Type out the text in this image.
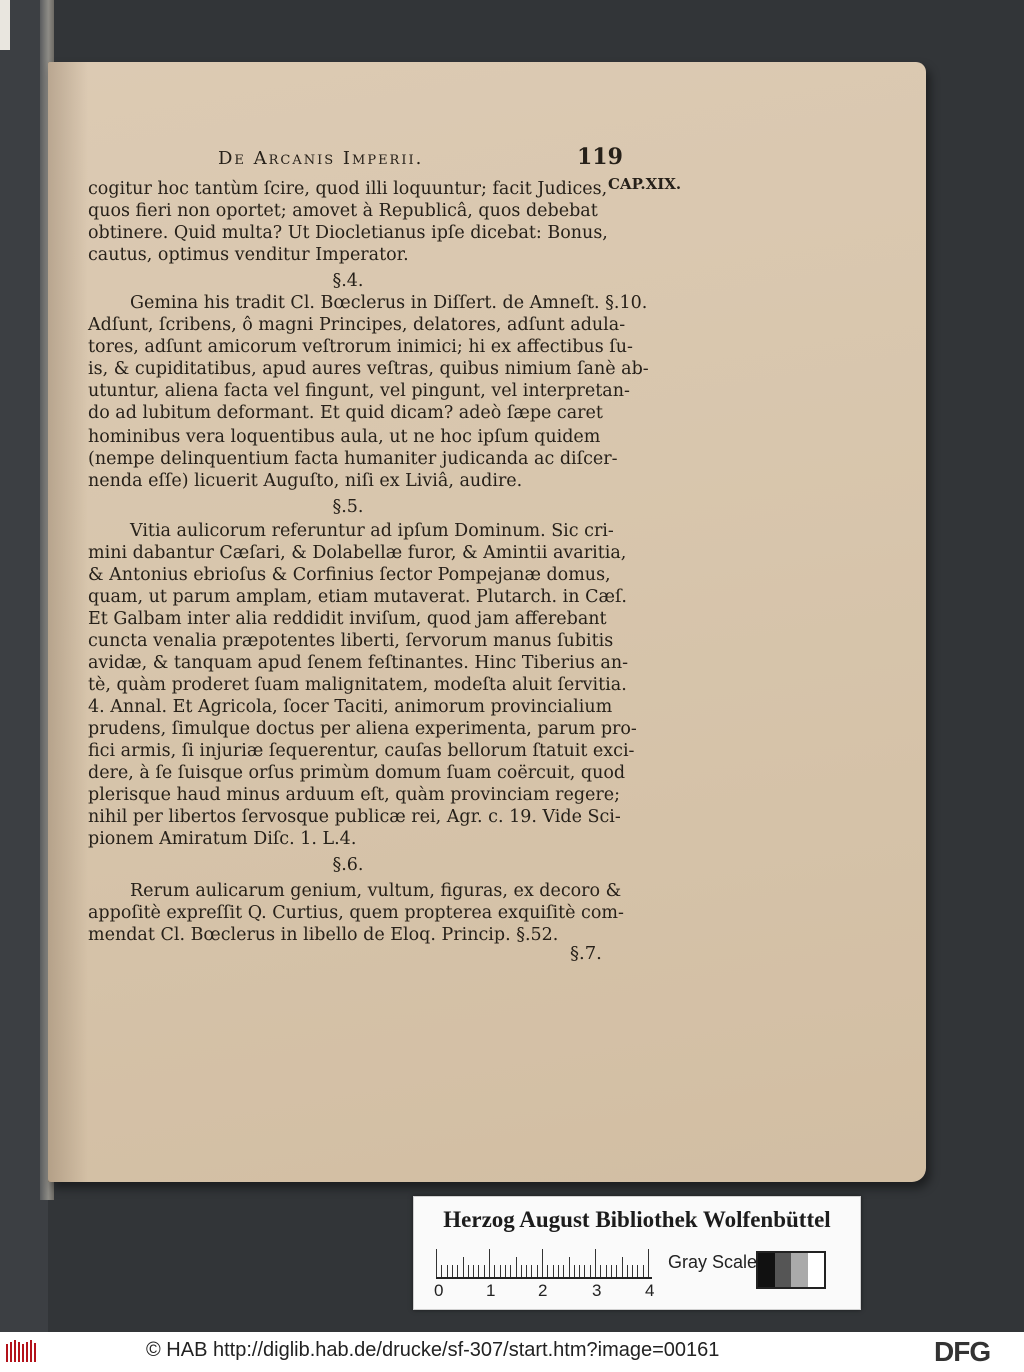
De Arcanis Imperii.	119
CAP.XIX.
cogitur hoc tantùm ſcire, quod illi loquuntur; facit Judices,
quos fieri non oportet; amovet à Republicâ, quos debebat
obtinere. Quid multa? Ut Diocletianus ipſe dicebat: Bonus,
cautus, optimus venditur Imperator.
§.4.
Gemina his tradit Cl. Bœclerus in Diſſert. de Amneſt. §.10.
Adſunt, ſcribens, ô magni Principes, delatores, adſunt adula-
tores, adſunt amicorum veſtrorum inimici; hi ex affectibus ſu-
is, & cupiditatibus, apud aures veſtras, quibus nimium ſanè ab-
utuntur, aliena facta vel fingunt, vel pingunt, vel interpretan-
do ad lubitum deformant. Et quid dicam? adeò ſæpe caret
hominibus vera loquentibus aula, ut ne hoc ipſum quidem
(nempe delinquentium facta humaniter judicanda ac diſcer-
nenda eſſe) licuerit Auguſto, niſi ex Liviâ, audire.
§.5.
Vitia aulicorum referuntur ad ipſum Dominum. Sic cri-
mini dabantur Cæſari, & Dolabellæ furor, & Amintii avaritia,
& Antonius ebrioſus & Corfinius ſector Pompejanæ domus,
quam, ut parum amplam, etiam mutaverat. Plutarch. in Cæſ.
Et Galbam inter alia reddidit inviſum, quod jam afferebant
cuncta venalia præpotentes liberti, ſervorum manus ſubitis
avidæ, & tanquam apud ſenem feſtinantes. Hinc Tiberius an-
tè, quàm proderet ſuam malignitatem, modeſta aluit ſervitia.
4. Annal. Et Agricola, ſocer Taciti, animorum provincialium
prudens, ſimulque doctus per aliena experimenta, parum pro-
fici armis, ſi injuriæ ſequerentur, cauſas bellorum ſtatuit exci-
dere, à ſe ſuisque orſus primùm domum ſuam coërcuit, quod
plerisque haud minus arduum eſt, quàm provinciam regere;
nihil per libertos ſervosque publicæ rei, Agr. c. 19. Vide Sci-
pionem Amiratum Diſc. 1. L.4.
§.6.
Rerum aulicarum genium, vultum, figuras, ex decoro &
appoſitè expreſſit Q. Curtius, quem propterea exquiſitè com-
mendat Cl. Bœclerus in libello de Eloq. Princip. §.52.
§.7.
Herzog August Bibliothek Wolfenbüttel
0	1	2	3	4
Gray Scale
© HAB http://diglib.hab.de/drucke/sf-307/start.htm?image=00161	DFG
